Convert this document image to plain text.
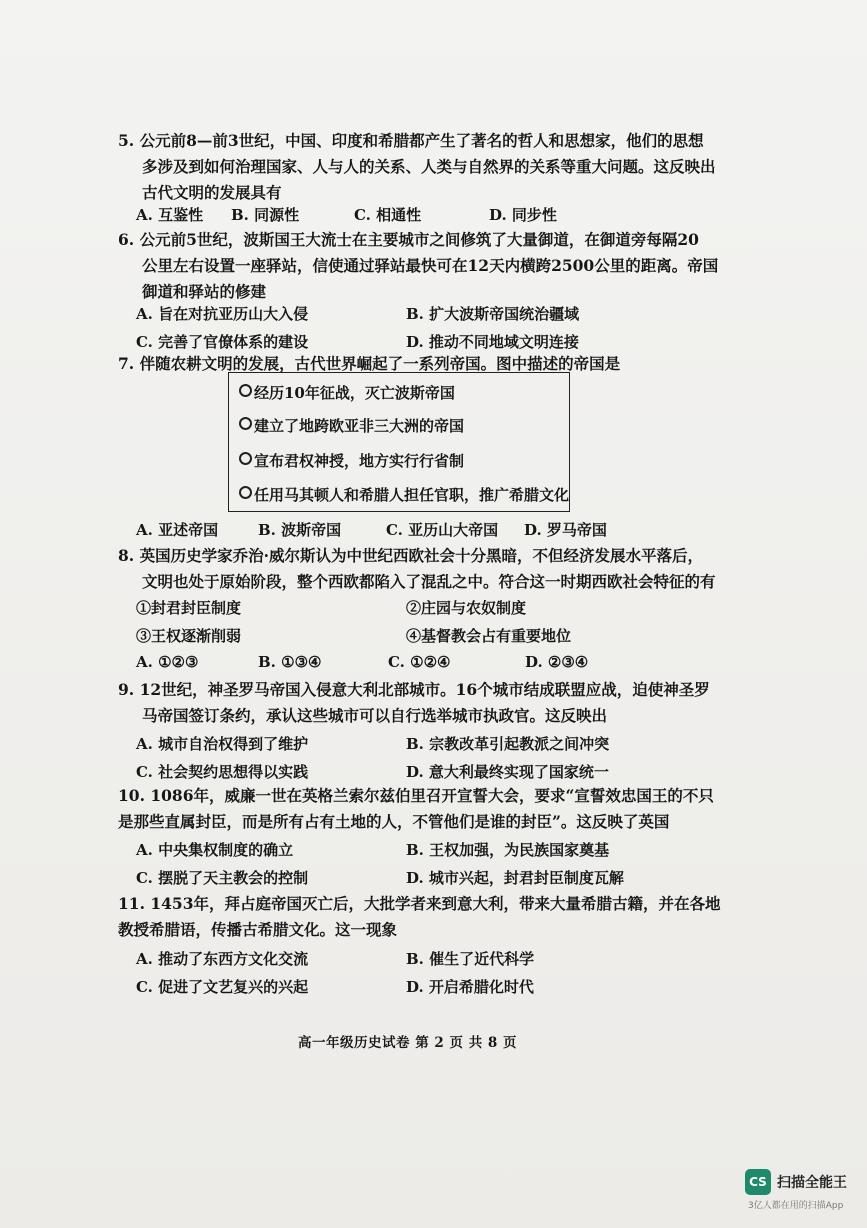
5. 公元前8—前3世纪，中国、印度和希腊都产生了著名的哲人和思想家，他们的思想
多涉及到如何治理国家、人与人的关系、人类与自然界的关系等重大问题。这反映出
古代文明的发展具有
A. 互鉴性	B. 同源性	C. 相通性	D. 同步性
6. 公元前5世纪，波斯国王大流士在主要城市之间修筑了大量御道，在御道旁每隔20
公里左右设置一座驿站，信使通过驿站最快可在12天内横跨2500公里的距离。帝国
御道和驿站的修建
A. 旨在对抗亚历山大入侵	B. 扩大波斯帝国统治疆域
C. 完善了官僚体系的建设	D. 推动不同地域文明连接
7. 伴随农耕文明的发展，古代世界崛起了一系列帝国。图中描述的帝国是
经历10年征战，灭亡波斯帝国
建立了地跨欧亚非三大洲的帝国
宣布君权神授，地方实行行省制
任用马其顿人和希腊人担任官职，推广希腊文化
A. 亚述帝国	B. 波斯帝国	C. 亚历山大帝国	D. 罗马帝国
8. 英国历史学家乔治·威尔斯认为中世纪西欧社会十分黑暗，不但经济发展水平落后，
文明也处于原始阶段，整个西欧都陷入了混乱之中。符合这一时期西欧社会特征的有
①封君封臣制度	②庄园与农奴制度
③王权逐渐削弱	④基督教会占有重要地位
A. ①②③	B. ①③④	C. ①②④	D. ②③④
9. 12世纪，神圣罗马帝国入侵意大利北部城市。16个城市结成联盟应战，迫使神圣罗
马帝国签订条约，承认这些城市可以自行选举城市执政官。这反映出
A. 城市自治权得到了维护	B. 宗教改革引起教派之间冲突
C. 社会契约思想得以实践	D. 意大利最终实现了国家统一
10. 1086年，威廉一世在英格兰索尔兹伯里召开宣誓大会，要求“宣誓效忠国王的不只
是那些直属封臣，而是所有占有土地的人，不管他们是谁的封臣”。这反映了英国
A. 中央集权制度的确立	B. 王权加强，为民族国家奠基
C. 摆脱了天主教会的控制	D. 城市兴起，封君封臣制度瓦解
11. 1453年，拜占庭帝国灭亡后，大批学者来到意大利，带来大量希腊古籍，并在各地
教授希腊语，传播古希腊文化。这一现象
A. 推动了东西方文化交流	B. 催生了近代科学
C. 促进了文艺复兴的兴起	D. 开启希腊化时代
高一年级历史试卷 第 2 页 共 8 页
CS 扫描全能王
3亿人都在用的扫描App
